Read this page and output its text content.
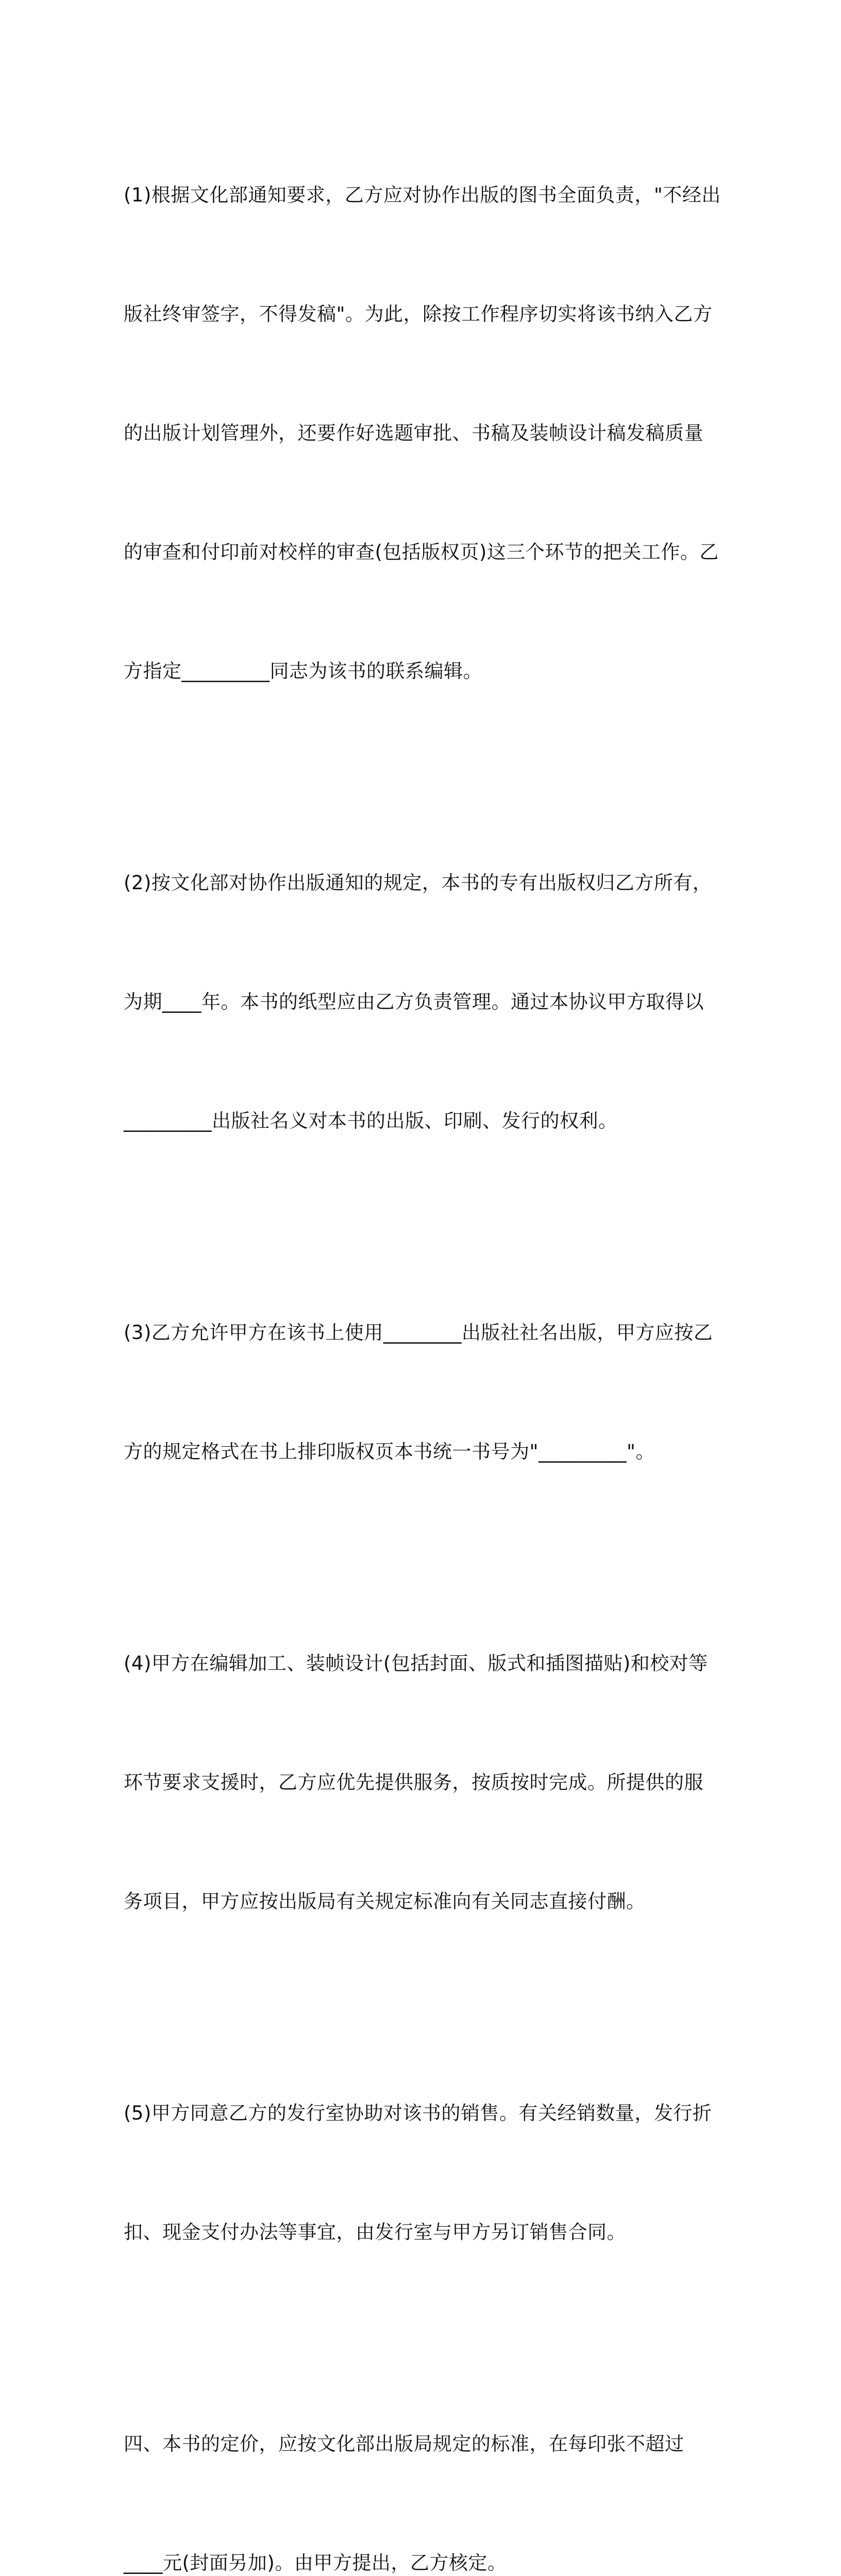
(1)根据文化部通知要求，乙方应对协作出版的图书全面负责，"不经出

版社终审签字，不得发稿"。为此，除按工作程序切实将该书纳入乙方

的出版计划管理外，还要作好选题审批、书稿及装帧设计稿发稿质量

的审查和付印前对校样的审查(包括版权页)这三个环节的把关工作。乙

方指定_________同志为该书的联系编辑。

(2)按文化部对协作出版通知的规定，本书的专有出版权归乙方所有，

为期____年。本书的纸型应由乙方负责管理。通过本协议甲方取得以

_________出版社名义对本书的出版、印刷、发行的权利。

(3)乙方允许甲方在该书上使用________出版社社名出版，甲方应按乙

方的规定格式在书上排印版权页本书统一书号为"_________"。

(4)甲方在编辑加工、装帧设计(包括封面、版式和插图描贴)和校对等

环节要求支援时，乙方应优先提供服务，按质按时完成。所提供的服

务项目，甲方应按出版局有关规定标准向有关同志直接付酬。

(5)甲方同意乙方的发行室协助对该书的销售。有关经销数量，发行折

扣、现金支付办法等事宜，由发行室与甲方另订销售合同。

四、本书的定价，应按文化部出版局规定的标准，在每印张不超过

____元(封面另加)。由甲方提出，乙方核定。
